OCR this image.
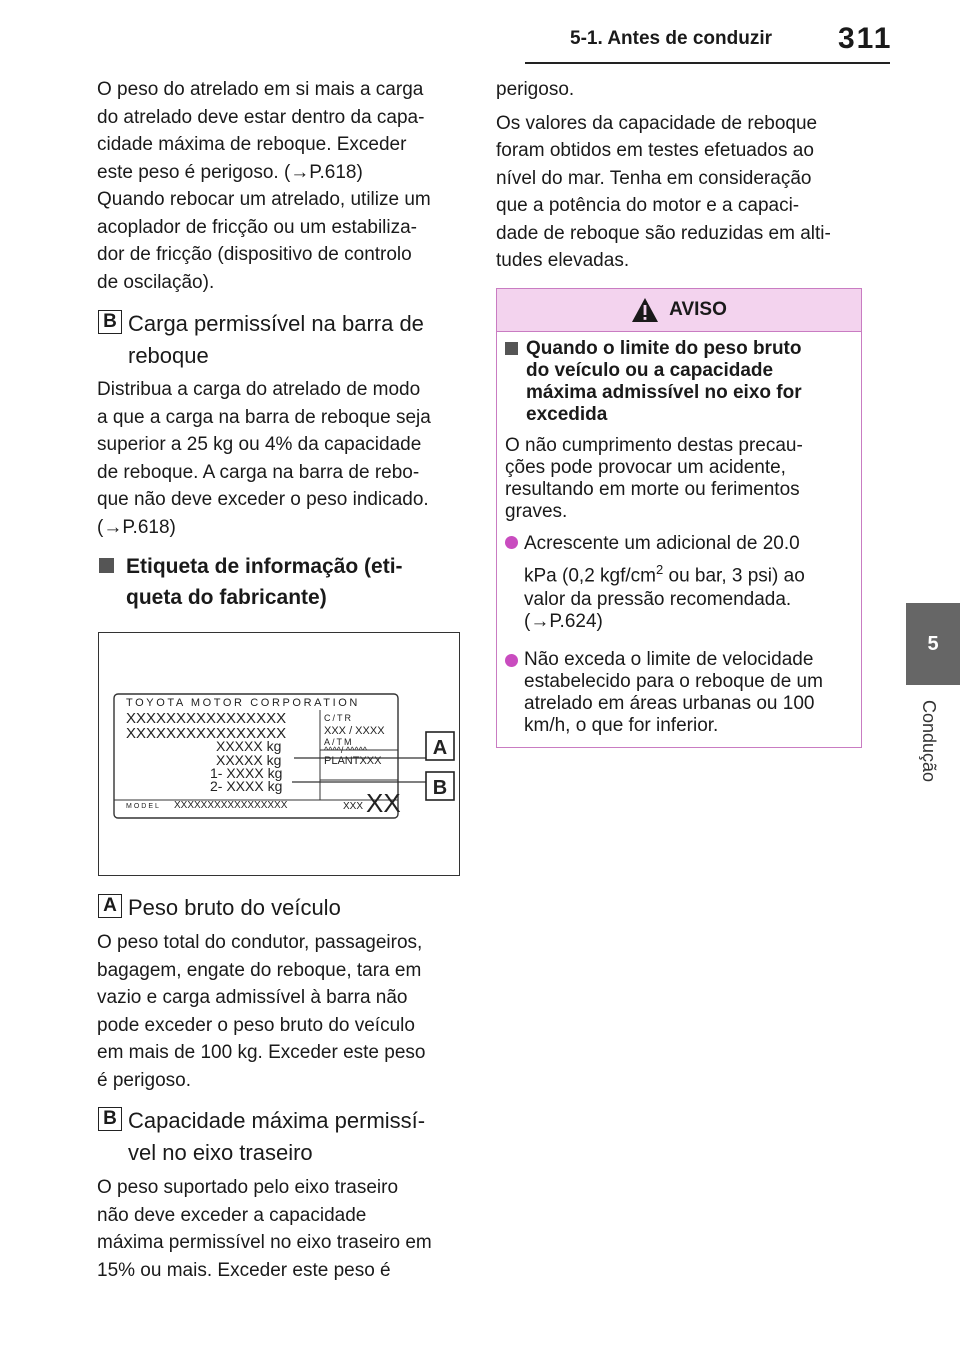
5-1. Antes de conduzir 311
5
Condução

O peso do atrelado em si mais a carga

do atrelado deve estar dentro da capa-

cidade máxima de reboque. Exceder

este peso é perigoso. (→P.618)

Quando rebocar um atrelado, utilize um

acoplador de fricção ou um estabiliza-

dor de fricção (dispositivo de controlo

de oscilação).

B Carga permissível na barra de
reboque

Distribua a carga do atrelado de modo

a que a carga na barra de reboque seja

superior a 25 kg ou 4% da capacidade

de reboque. A carga na barra de rebo-

que não deve exceder o peso indicado.

(→P.618)

Etiqueta de informação (eti-
queta do fabricante)
TOYOTA MOTOR CORPORATION
XXXXXXXXXXXXXXXX
XXXXXXXXXXXXXXXX
C/TR
XXX / XXXX
A/TM
XXXXX kg
XXXXX kg
1- XXXX kg
2- XXXX kg
^^^^/ ^^^^^
PLANTXXX
MODEL XXXXXXXXXXXXXXXXX	XXX XX
A
B
A Peso bruto do veículo

O peso total do condutor, passageiros,

bagagem, engate do reboque, tara em

vazio e carga admissível à barra não

pode exceder o peso bruto do veículo

em mais de 100 kg. Exceder este peso

é perigoso.

B Capacidade máxima permissí-
vel no eixo traseiro

O peso suportado pelo eixo traseiro

não deve exceder a capacidade

máxima permissível no eixo traseiro em

15% ou mais. Exceder este peso é

perigoso.

Os valores da capacidade de reboque

foram obtidos em testes efetuados ao

nível do mar. Tenha em consideração

que a potência do motor e a capaci-

dade de reboque são reduzidas em alti-

tudes elevadas.

AVISO
Quando o limite do peso bruto
do veículo ou a capacidade
máxima admissível no eixo for
excedida
O não cumprimento destas precau-
ções pode provocar um acidente,
resultando em morte ou ferimentos
graves.
Acrescente um adicional de 20.0
kPa (0,2 kgf/$cm^2$ ou bar, 3 psi) ao
valor da pressão recomendada.
(→P.624)
Não exceda o limite de velocidade
estabelecido para o reboque de um
atrelado em áreas urbanas ou 100
km/h, o que for inferior.
